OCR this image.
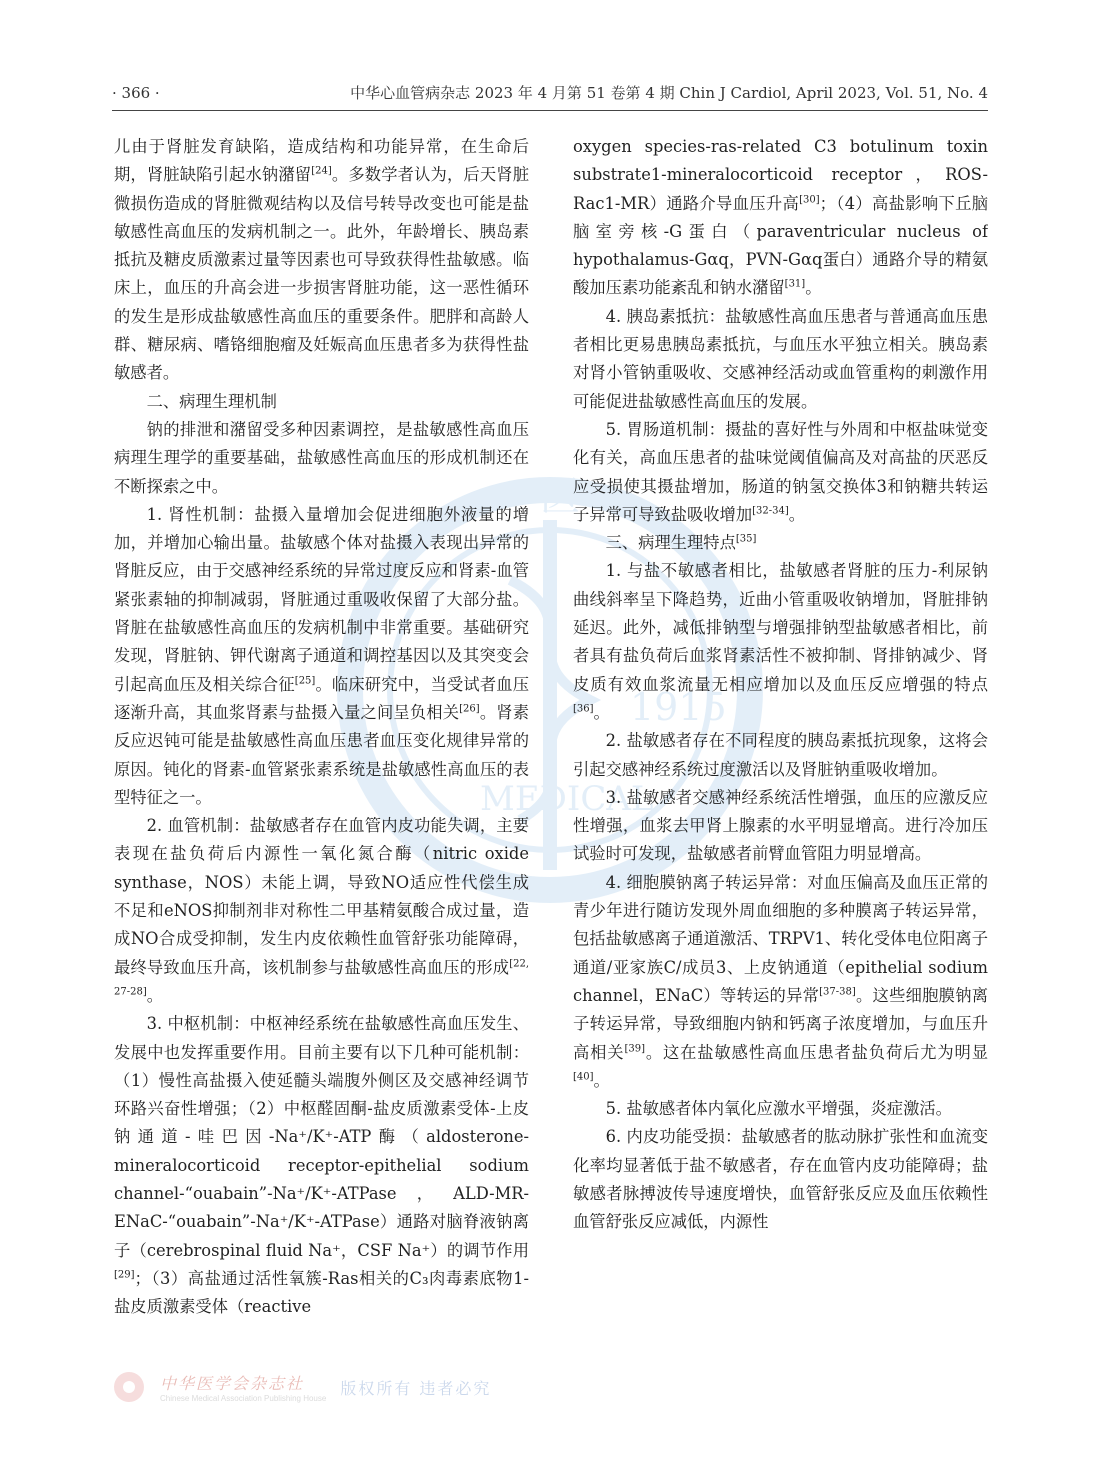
· 366 ·	中华心血管病杂志 2023 年 4 月第 51 卷第 4 期 Chin J Cardiol, April 2023, Vol. 51, No. 4
医
1915
MEDICAL

儿由于肾脏发育缺陷，造成结构和功能异常，在生命后期，肾脏缺陷引起水钠潴留[24]。多数学者认为，后天肾脏微损伤造成的肾脏微观结构以及信号转导改变也可能是盐敏感性高血压的发病机制之一。此外，年龄增长、胰岛素抵抗及糖皮质激素过量等因素也可导致获得性盐敏感。临床上，血压的升高会进一步损害肾脏功能，这一恶性循环的发生是形成盐敏感性高血压的重要条件。肥胖和高龄人群、糖尿病、嗜铬细胞瘤及妊娠高血压患者多为获得性盐敏感者。

二、病理生理机制

钠的排泄和潴留受多种因素调控，是盐敏感性高血压病理生理学的重要基础，盐敏感性高血压的形成机制还在不断探索之中。

1. 肾性机制：盐摄入量增加会促进细胞外液量的增加，并增加心输出量。盐敏感个体对盐摄入表现出异常的肾脏反应，由于交感神经系统的异常过度反应和肾素-血管紧张素轴的抑制减弱，肾脏通过重吸收保留了大部分盐。肾脏在盐敏感性高血压的发病机制中非常重要。基础研究发现，肾脏钠、钾代谢离子通道和调控基因以及其突变会引起高血压及相关综合征[25]。临床研究中，当受试者血压逐渐升高，其血浆肾素与盐摄入量之间呈负相关[26]。肾素反应迟钝可能是盐敏感性高血压患者血压变化规律异常的原因。钝化的肾素-血管紧张素系统是盐敏感性高血压的表型特征之一。

2. 血管机制：盐敏感者存在血管内皮功能失调，主要表现在盐负荷后内源性一氧化氮合酶（nitric oxide synthase，NOS）未能上调，导致NO适应性代偿生成不足和eNOS抑制剂非对称性二甲基精氨酸合成过量，造成NO合成受抑制，发生内皮依赖性血管舒张功能障碍，最终导致血压升高，该机制参与盐敏感性高血压的形成[22, 27-28]。

3. 中枢机制：中枢神经系统在盐敏感性高血压发生、发展中也发挥重要作用。目前主要有以下几种可能机制：（1）慢性高盐摄入使延髓头端腹外侧区及交感神经调节环路兴奋性增强；（2）中枢醛固酮-盐皮质激素受体-上皮钠通道-哇巴因-Na⁺/K⁺-ATP酶（aldosterone-mineralocorticoid receptor-epithelial sodium channel-“ouabain”-Na⁺/K⁺-ATPase，ALD-MR-ENaC-“ouabain”-Na⁺/K⁺-ATPase）通路对脑脊液钠离子（cerebrospinal fluid Na⁺，CSF Na⁺）的调节作用[29]；（3）高盐通过活性氧簇-Ras相关的C₃肉毒素底物1-盐皮质激素受体（reactive

oxygen species-ras-related C3 botulinum toxin substrate1-mineralocorticoid receptor，ROS-Rac1-MR）通路介导血压升高[30]；（4）高盐影响下丘脑脑室旁核-G蛋白（paraventricular nucleus of hypothalamus-Gαq，PVN-Gαq蛋白）通路介导的精氨酸加压素功能紊乱和钠水潴留[31]。

4. 胰岛素抵抗：盐敏感性高血压患者与普通高血压患者相比更易患胰岛素抵抗，与血压水平独立相关。胰岛素对肾小管钠重吸收、交感神经活动或血管重构的刺激作用可能促进盐敏感性高血压的发展。

5. 胃肠道机制：摄盐的喜好性与外周和中枢盐味觉变化有关，高血压患者的盐味觉阈值偏高及对高盐的厌恶反应受损使其摄盐增加，肠道的钠氢交换体3和钠糖共转运子异常可导致盐吸收增加[32-34]。

三、病理生理特点[35]

1. 与盐不敏感者相比，盐敏感者肾脏的压力-利尿钠曲线斜率呈下降趋势，近曲小管重吸收钠增加，肾脏排钠延迟。此外，减低排钠型与增强排钠型盐敏感者相比，前者具有盐负荷后血浆肾素活性不被抑制、肾排钠减少、肾皮质有效血浆流量无相应增加以及血压反应增强的特点[36]。

2. 盐敏感者存在不同程度的胰岛素抵抗现象，这将会引起交感神经系统过度激活以及肾脏钠重吸收增加。

3. 盐敏感者交感神经系统活性增强，血压的应激反应性增强，血浆去甲肾上腺素的水平明显增高。进行冷加压试验时可发现，盐敏感者前臂血管阻力明显增高。

4. 细胞膜钠离子转运异常：对血压偏高及血压正常的青少年进行随访发现外周血细胞的多种膜离子转运异常，包括盐敏感离子通道激活、TRPV1、转化受体电位阳离子通道/亚家族C/成员3、上皮钠通道（epithelial sodium channel，ENaC）等转运的异常[37-38]。这些细胞膜钠离子转运异常，导致细胞内钠和钙离子浓度增加，与血压升高相关[39]。这在盐敏感性高血压患者盐负荷后尤为明显[40]。

5. 盐敏感者体内氧化应激水平增强，炎症激活。

6. 内皮功能受损：盐敏感者的肱动脉扩张性和血流变化率均显著低于盐不敏感者，存在血管内皮功能障碍；盐敏感者脉搏波传导速度增快，血管舒张反应及血压依赖性血管舒张反应减低，内源性

中华医学会杂志社
Chinese Medical Association Publishing House
版权所有 违者必究
